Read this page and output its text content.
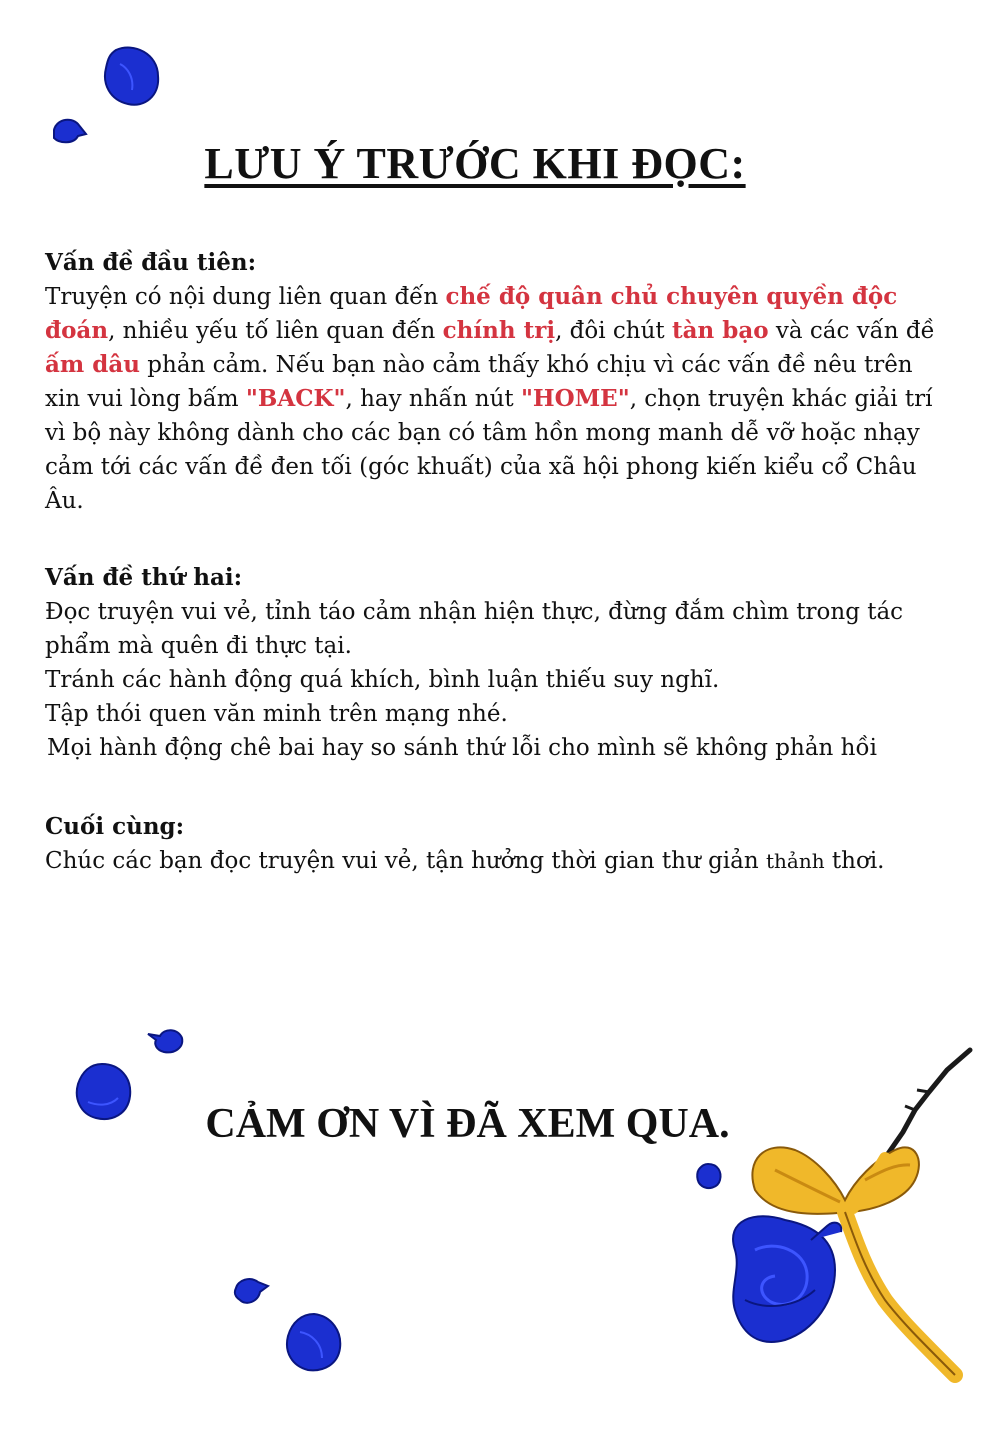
LƯU Ý TRƯỚC KHI ĐỌC:

Vấn đề đầu tiên:

Truyện có nội dung liên quan đến chế độ quân chủ chuyên quyền độc đoán, nhiều yếu tố liên quan đến chính trị, đôi chút tàn bạo và các vấn đề ấm dâu phản cảm. Nếu bạn nào cảm thấy khó chịu vì các vấn đề nêu trên xin vui lòng bấm "BACK", hay nhấn nút "HOME", chọn truyện khác giải trí vì bộ này không dành cho các bạn có tâm hồn mong manh dễ vỡ hoặc nhạy cảm tới các vấn đề đen tối (góc khuất) của xã hội phong kiến kiểu cổ Châu Âu.

Vấn đề thứ hai:

Đọc truyện vui vẻ, tỉnh táo cảm nhận hiện thực, đừng đắm chìm trong tác phẩm mà quên đi thực tại.

Tránh các hành động quá khích, bình luận thiếu suy nghĩ.

Tập thói quen văn minh trên mạng nhé.

Mọi hành động chê bai hay so sánh thứ lỗi cho mình sẽ không phản hồi

Cuối cùng:

Chúc các bạn đọc truyện vui vẻ, tận hưởng thời gian thư giản thảnh thơi.

CẢM ƠN VÌ ĐÃ XEM QUA.
